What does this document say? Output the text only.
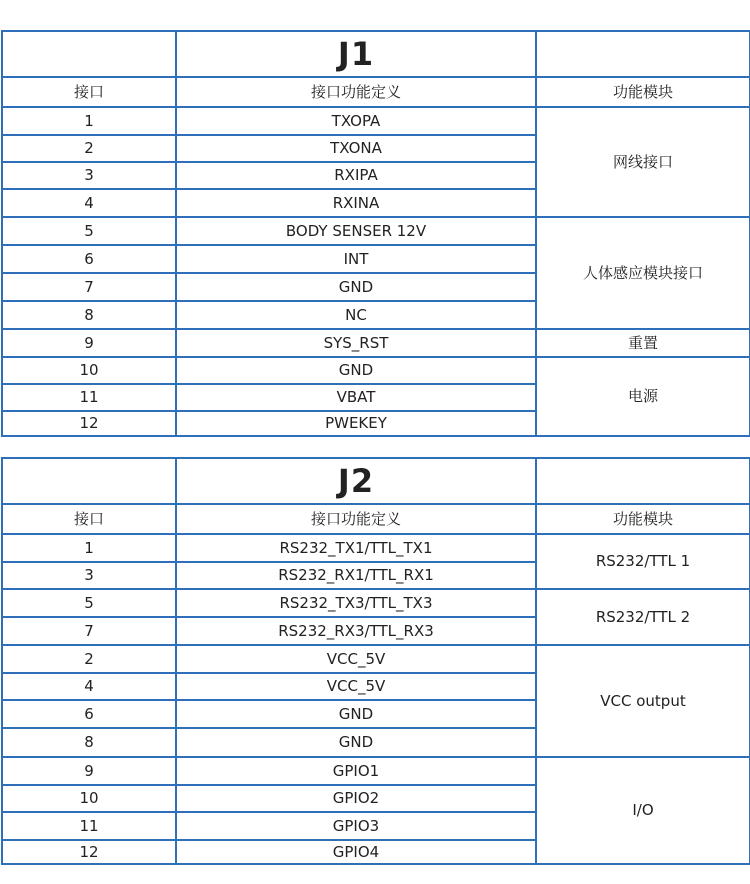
	J1	
接口	接口功能定义	功能模块
1	TXOPA	网线接口
2	TXONA	
3	RXIPA	
4	RXINA	
5	BODY SENSER 12V	人体感应模块接口
6	INT	
7	GND	
8	NC	
9	SYS_RST	重置
10	GND	电源
11	VBAT	
12	PWEKEY	
	J2	
接口	接口功能定义	功能模块
1	RS232_TX1/TTL_TX1	RS232/TTL 1
3	RS232_RX1/TTL_RX1	
5	RS232_TX3/TTL_TX3	RS232/TTL 2
7	RS232_RX3/TTL_RX3	
2	VCC_5V	VCC output
4	VCC_5V	
6	GND	
8	GND	
9	GPIO1	I/O
10	GPIO2	
11	GPIO3	
12	GPIO4	
